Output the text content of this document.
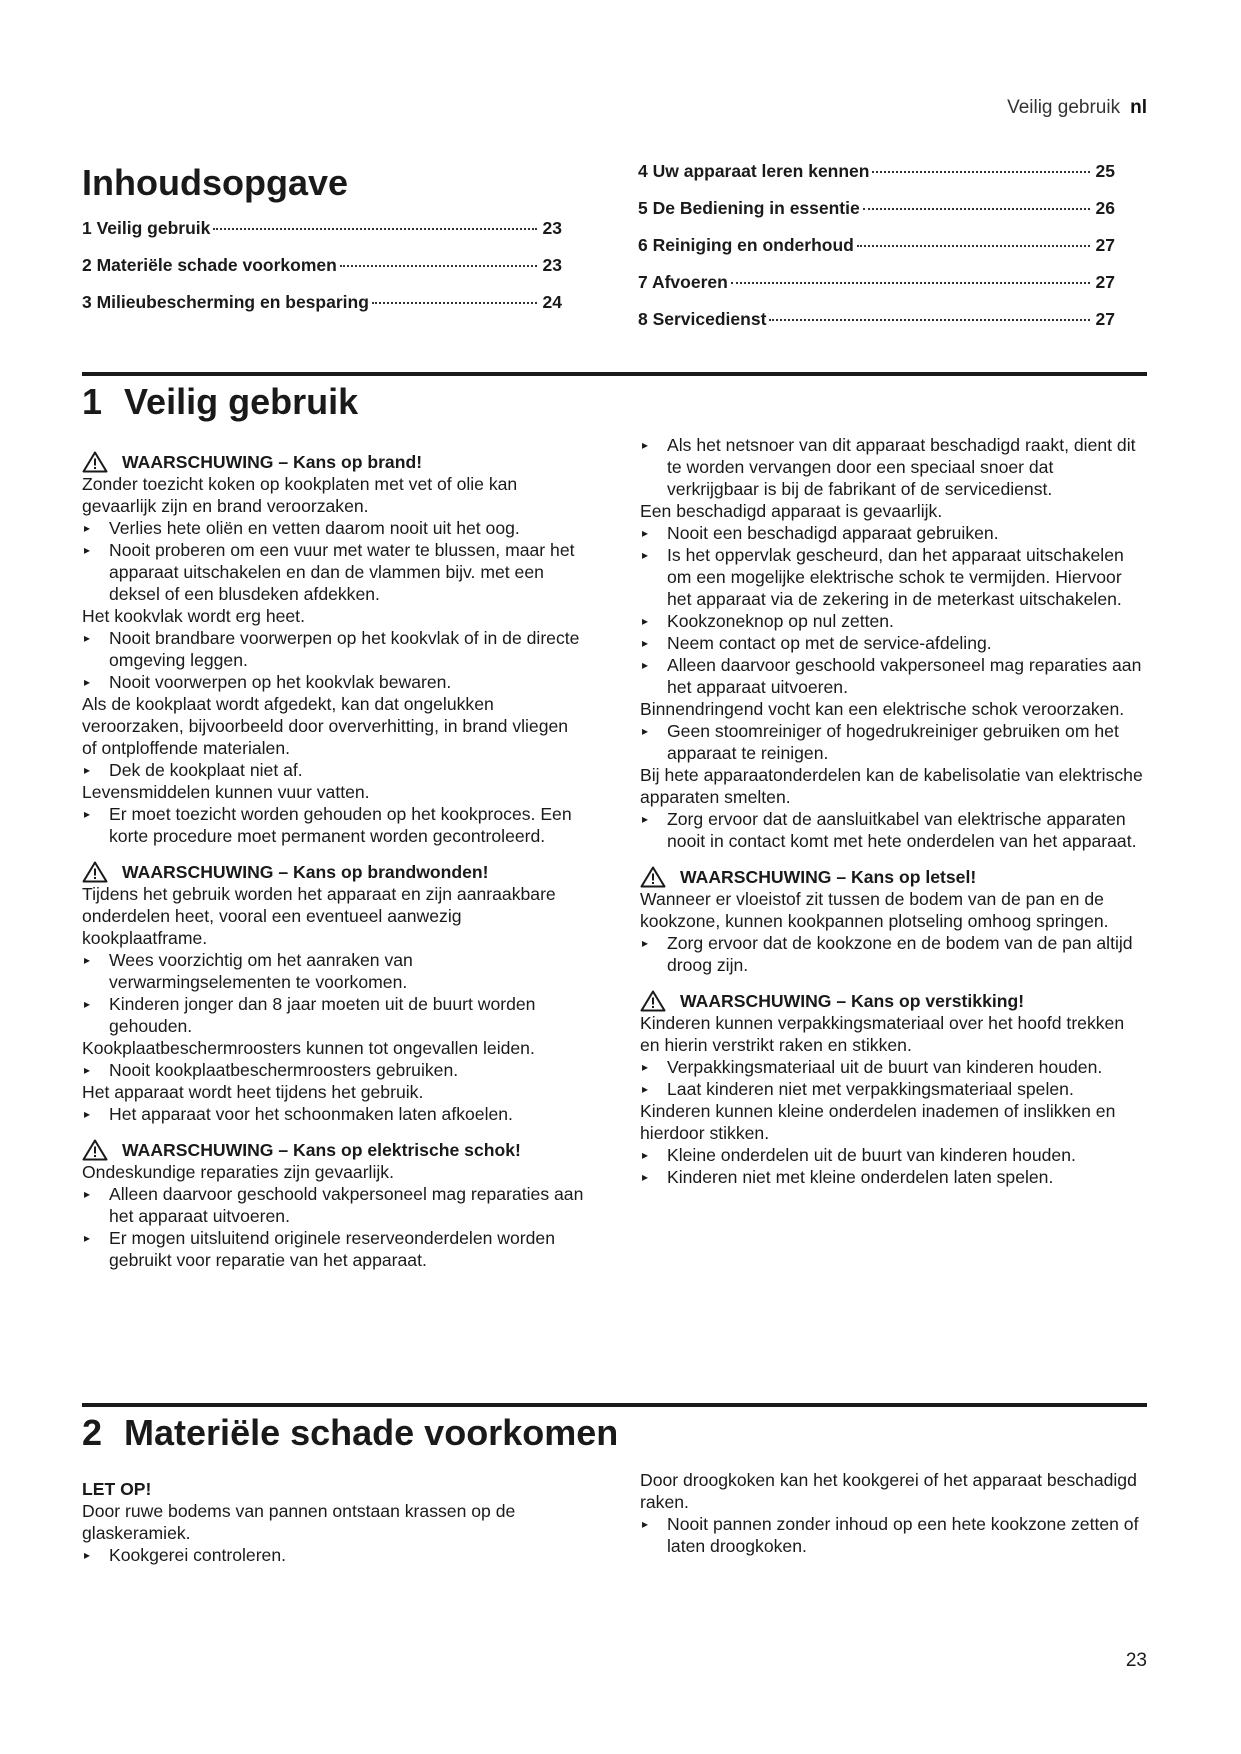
Veilig gebruik nl
Inhoudsopgave
1 Veilig gebruik	23
2 Materiële schade voorkomen	23
3 Milieubescherming en besparing	24
4 Uw apparaat leren kennen	25
5 De Bediening in essentie	26
6 Reiniging en onderhoud	27
7 Afvoeren	27
8 Servicedienst	27
1 Veilig gebruik
WAARSCHUWING – Kans op brand!

Zonder toezicht koken op kookplaten met vet of olie kan gevaarlijk zijn en brand veroorzaken.

▸ Verlies hete oliën en vetten daarom nooit uit het oog.
▸ Nooit proberen om een vuur met water te blussen, maar het apparaat uitschakelen en dan de vlammen bijv. met een deksel of een blusdeken afdekken.

Het kookvlak wordt erg heet.

▸ Nooit brandbare voorwerpen op het kookvlak of in de directe omgeving leggen.
▸ Nooit voorwerpen op het kookvlak bewaren.

Als de kookplaat wordt afgedekt, kan dat ongelukken veroorzaken, bijvoorbeeld door oververhitting, in brand vliegen of ontploffende materialen.

▸ Dek de kookplaat niet af.

Levensmiddelen kunnen vuur vatten.

▸ Er moet toezicht worden gehouden op het kookproces. Een korte procedure moet permanent worden gecontroleerd.
WAARSCHUWING – Kans op brandwonden!

Tijdens het gebruik worden het apparaat en zijn aanraakbare onderdelen heet, vooral een eventueel aanwezig kookplaatframe.

▸ Wees voorzichtig om het aanraken van verwarmingselementen te voorkomen.
▸ Kinderen jonger dan 8 jaar moeten uit de buurt worden gehouden.

Kookplaatbeschermroosters kunnen tot ongevallen leiden.

▸ Nooit kookplaatbeschermroosters gebruiken.

Het apparaat wordt heet tijdens het gebruik.

▸ Het apparaat voor het schoonmaken laten afkoelen.
WAARSCHUWING – Kans op elektrische schok!

Ondeskundige reparaties zijn gevaarlijk.

▸ Alleen daarvoor geschoold vakpersoneel mag reparaties aan het apparaat uitvoeren.
▸ Er mogen uitsluitend originele reserveonderdelen worden gebruikt voor reparatie van het apparaat.
▸ Als het netsnoer van dit apparaat beschadigd raakt, dient dit te worden vervangen door een speciaal snoer dat verkrijgbaar is bij de fabrikant of de servicedienst.

Een beschadigd apparaat is gevaarlijk.

▸ Nooit een beschadigd apparaat gebruiken.
▸ Is het oppervlak gescheurd, dan het apparaat uitschakelen om een mogelijke elektrische schok te vermijden. Hiervoor het apparaat via de zekering in de meterkast uitschakelen.
▸ Kookzoneknop op nul zetten.
▸ Neem contact op met de service-afdeling.
▸ Alleen daarvoor geschoold vakpersoneel mag reparaties aan het apparaat uitvoeren.

Binnendringend vocht kan een elektrische schok veroorzaken.

▸ Geen stoomreiniger of hogedrukreiniger gebruiken om het apparaat te reinigen.

Bij hete apparaatonderdelen kan de kabelisolatie van elektrische apparaten smelten.

▸ Zorg ervoor dat de aansluitkabel van elektrische apparaten nooit in contact komt met hete onderdelen van het apparaat.
WAARSCHUWING – Kans op letsel!

Wanneer er vloeistof zit tussen de bodem van de pan en de kookzone, kunnen kookpannen plotseling omhoog springen.

▸ Zorg ervoor dat de kookzone en de bodem van de pan altijd droog zijn.
WAARSCHUWING – Kans op verstikking!

Kinderen kunnen verpakkingsmateriaal over het hoofd trekken en hierin verstrikt raken en stikken.

▸ Verpakkingsmateriaal uit de buurt van kinderen houden.
▸ Laat kinderen niet met verpakkingsmateriaal spelen.

Kinderen kunnen kleine onderdelen inademen of inslikken en hierdoor stikken.

▸ Kleine onderdelen uit de buurt van kinderen houden.
▸ Kinderen niet met kleine onderdelen laten spelen.
2 Materiële schade voorkomen

LET OP!

Door ruwe bodems van pannen ontstaan krassen op de glaskeramiek.

▸ Kookgerei controleren.

Door droogkoken kan het kookgerei of het apparaat beschadigd raken.

▸ Nooit pannen zonder inhoud op een hete kookzone zetten of laten droogkoken.
23
